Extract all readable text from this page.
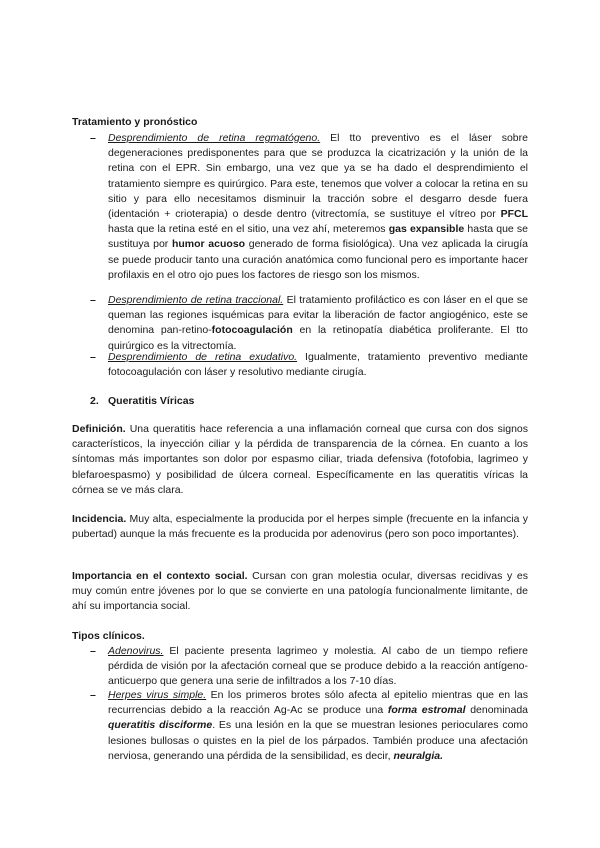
Tratamiento y pronóstico
– Desprendimiento de retina regmatógeno. El tto preventivo es el láser sobre degeneraciones predisponentes para que se produzca la cicatrización y la unión de la retina con el EPR. Sin embargo, una vez que ya se ha dado el desprendimiento el tratamiento siempre es quirúrgico. Para este, tenemos que volver a colocar la retina en su sitio y para ello necesitamos disminuir la tracción sobre el desgarro desde fuera (identación + crioterapia) o desde dentro (vitrectomía, se sustituye el vítreo por PFCL hasta que la retina esté en el sitio, una vez ahí, meteremos gas expansible hasta que se sustituya por humor acuoso generado de forma fisiológica). Una vez aplicada la cirugía se puede producir tanto una curación anatómica como funcional pero es importante hacer profilaxis en el otro ojo pues los factores de riesgo son los mismos.
– Desprendimiento de retina traccional. El tratamiento profiláctico es con láser en el que se queman las regiones isquémicas para evitar la liberación de factor angiogénico, este se denomina pan-retino-fotocoagulación en la retinopatía diabética proliferante. El tto quirúrgico es la vitrectomía.
– Desprendimiento de retina exudativo. Igualmente, tratamiento preventivo mediante fotocoagulación con láser y resolutivo mediante cirugía.
2. Queratitis Víricas
Definición. Una queratitis hace referencia a una inflamación corneal que cursa con dos signos característicos, la inyección ciliar y la pérdida de transparencia de la córnea. En cuanto a los síntomas más importantes son dolor por espasmo ciliar, triada defensiva (fotofobia, lagrimeo y blefaroespasmo) y posibilidad de úlcera corneal. Específicamente en las queratitis víricas la córnea se ve más clara.
Incidencia. Muy alta, especialmente la producida por el herpes simple (frecuente en la infancia y pubertad) aunque la más frecuente es la producida por adenovirus (pero son poco importantes).
Importancia en el contexto social. Cursan con gran molestia ocular, diversas recidivas y es muy común entre jóvenes por lo que se convierte en una patología funcionalmente limitante, de ahí su importancia social.
Tipos clínicos.
– Adenovirus. El paciente presenta lagrimeo y molestia. Al cabo de un tiempo refiere pérdida de visión por la afectación corneal que se produce debido a la reacción antígeno-anticuerpo que genera una serie de infiltrados a los 7-10 días.
– Herpes virus simple. En los primeros brotes sólo afecta al epitelio mientras que en las recurrencias debido a la reacción Ag-Ac se produce una forma estromal denominada queratitis disciforme. Es una lesión en la que se muestran lesiones perioculares como lesiones bullosas o quistes en la piel de los párpados. También produce una afectación nerviosa, generando una pérdida de la sensibilidad, es decir, neuralgia.
